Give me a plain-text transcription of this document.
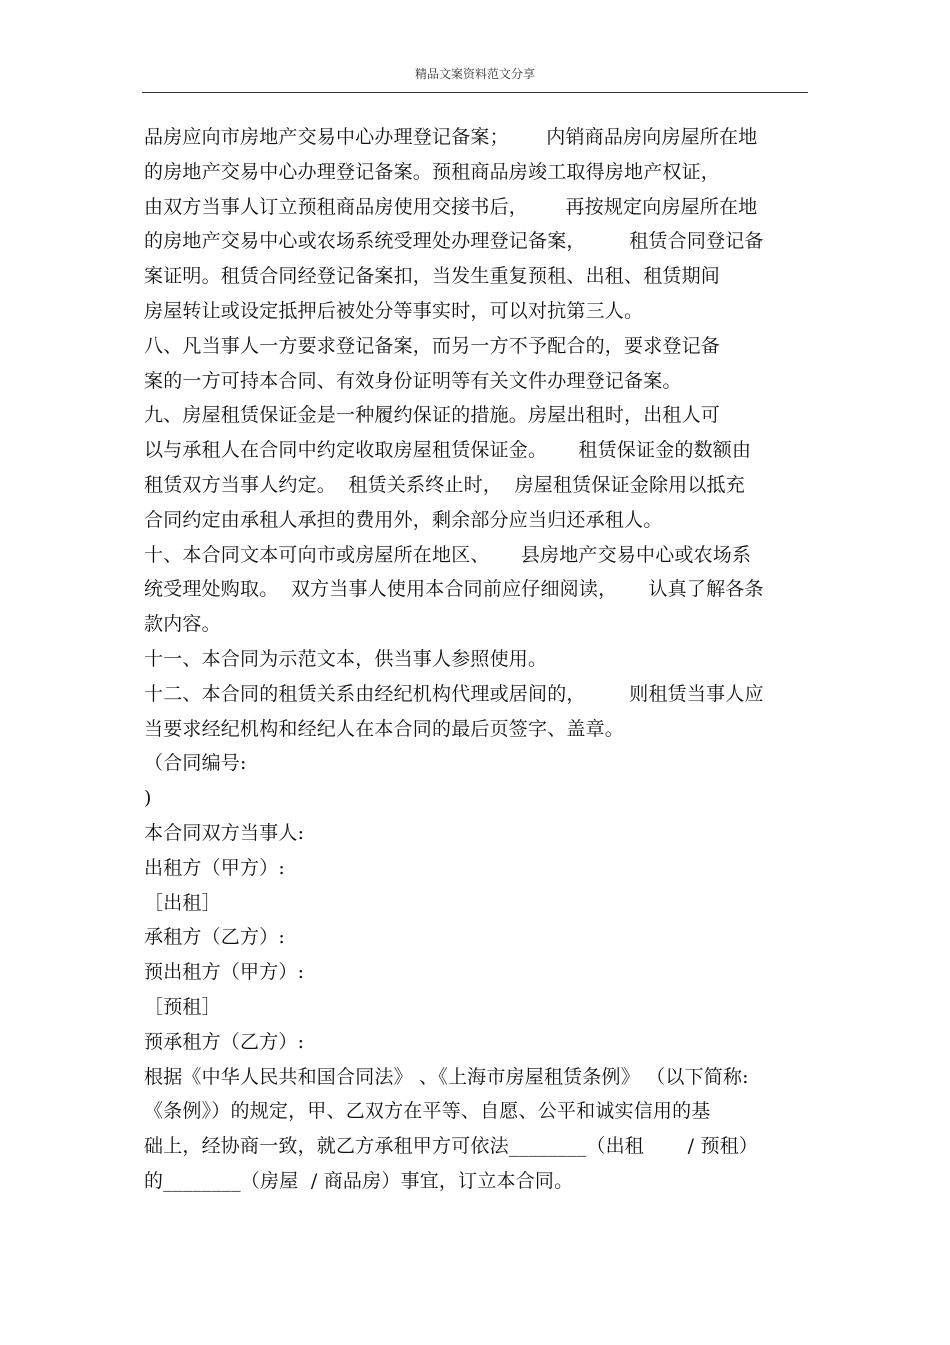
精品文案资料范文分享
品房应向市房地产交易中心办理登记备案；      内销商品房向房屋所在地
的房地产交易中心办理登记备案。预租商品房竣工取得房地产权证，
由双方当事人订立预租商品房使用交接书后，      再按规定向房屋所在地
的房地产交易中心或农场系统受理处办理登记备案，       租赁合同登记备
案证明。租赁合同经登记备案扣，当发生重复预租、出租、租赁期间
房屋转让或设定抵押后被处分等事实时，可以对抗第三人。
八、凡当事人一方要求登记备案，而另一方不予配合的，要求登记备
案的一方可持本合同、有效身份证明等有关文件办理登记备案。
九、房屋租赁保证金是一种履约保证的措施。房屋出租时，出租人可
以与承租人在合同中约定收取房屋租赁保证金。     租赁保证金的数额由
租赁双方当事人约定。  租赁关系终止时，  房屋租赁保证金除用以抵充
合同约定由承租人承担的费用外，剩余部分应当归还承租人。
十、本合同文本可向市或房屋所在地区、     县房地产交易中心或农场系
统受理处购取。  双方当事人使用本合同前应仔细阅读，     认真了解各条
款内容。
十一、本合同为示范文本，供当事人参照使用。
十二、本合同的租赁关系由经纪机构代理或居间的，       则租赁当事人应
当要求经纪机构和经纪人在本合同的最后页签字、盖章。
（合同编号:
)
本合同双方当事人:
出租方（甲方）:
［出租］
承租方（乙方）:
预出租方（甲方）:
［预租］
预承租方（乙方）:
根据《中华人民共和国合同法》 、《上海市房屋租赁条例》 （以下简称:
《条例》）的规定，甲、乙双方在平等、自愿、公平和诚实信用的基
础上，经协商一致，就乙方承租甲方可依法________（出租       / 预租）
的________（房屋  / 商品房）事宜，订立本合同。
